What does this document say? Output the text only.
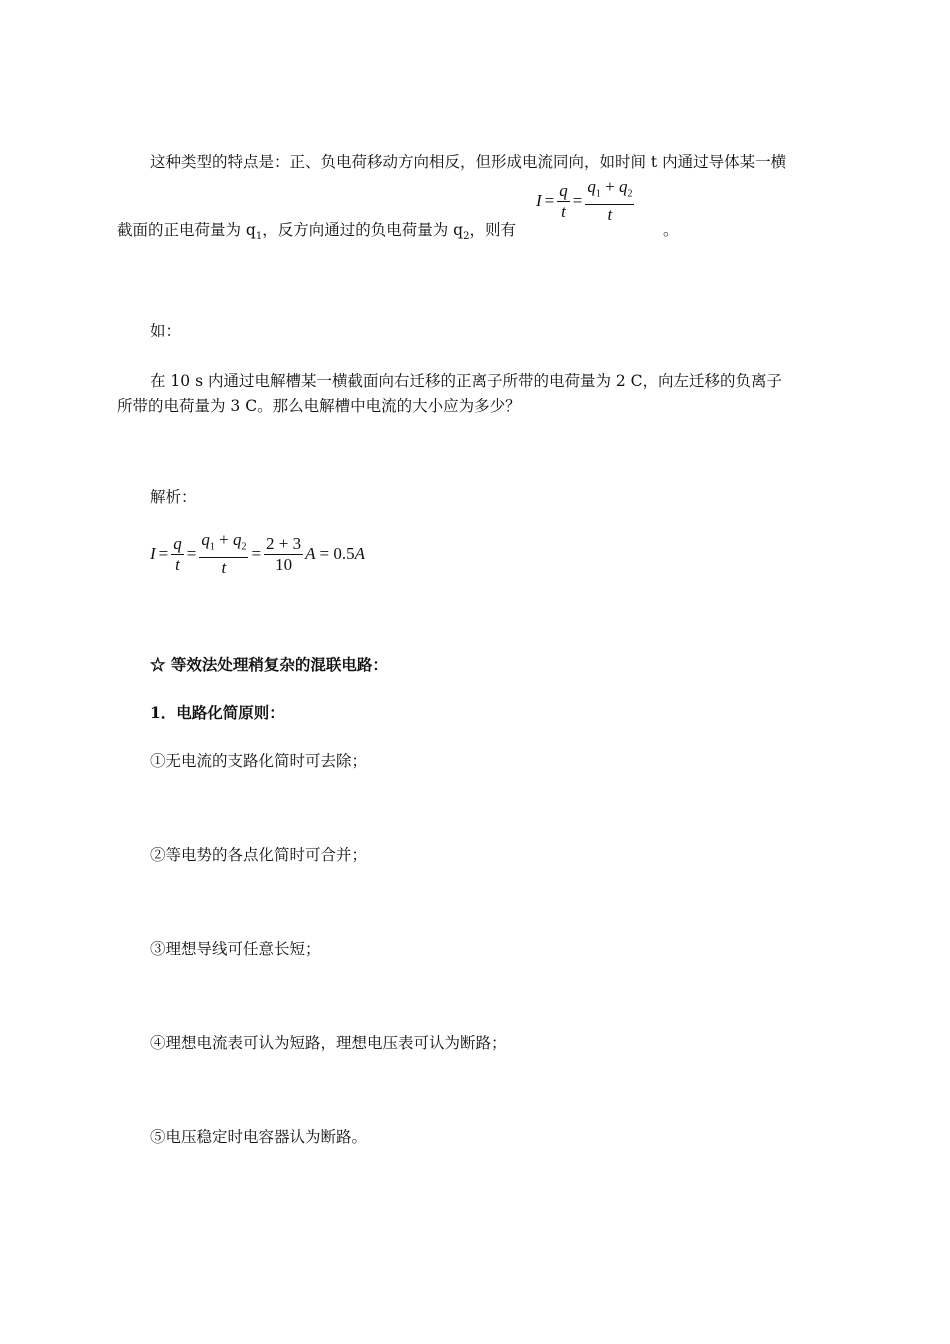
这种类型的特点是：正、负电荷移动方向相反，但形成电流同向，如时间 t 内通过导体某一横
截面的正电荷量为 $q_1$，反方向通过的负电荷量为 $q_2$，则有
$I = \frac{q}{t} = \frac{q_1 + q_2}{t}$
。
如：
在 10 s 内通过电解槽某一横截面向右迁移的正离子所带的电荷量为 2 C，向左迁移的负离子
所带的电荷量为 3 C。那么电解槽中电流的大小应为多少？
解析：
$I = \frac{q}{t} = \frac{q_1 + q_2}{t} = \frac{2 + 3}{10}$ A = 0.5A
☆ 等效法处理稍复杂的混联电路：
1．电路化简原则：
①无电流的支路化简时可去除；
②等电势的各点化简时可合并；
③理想导线可任意长短；
④理想电流表可认为短路，理想电压表可认为断路；
⑤电压稳定时电容器认为断路。
